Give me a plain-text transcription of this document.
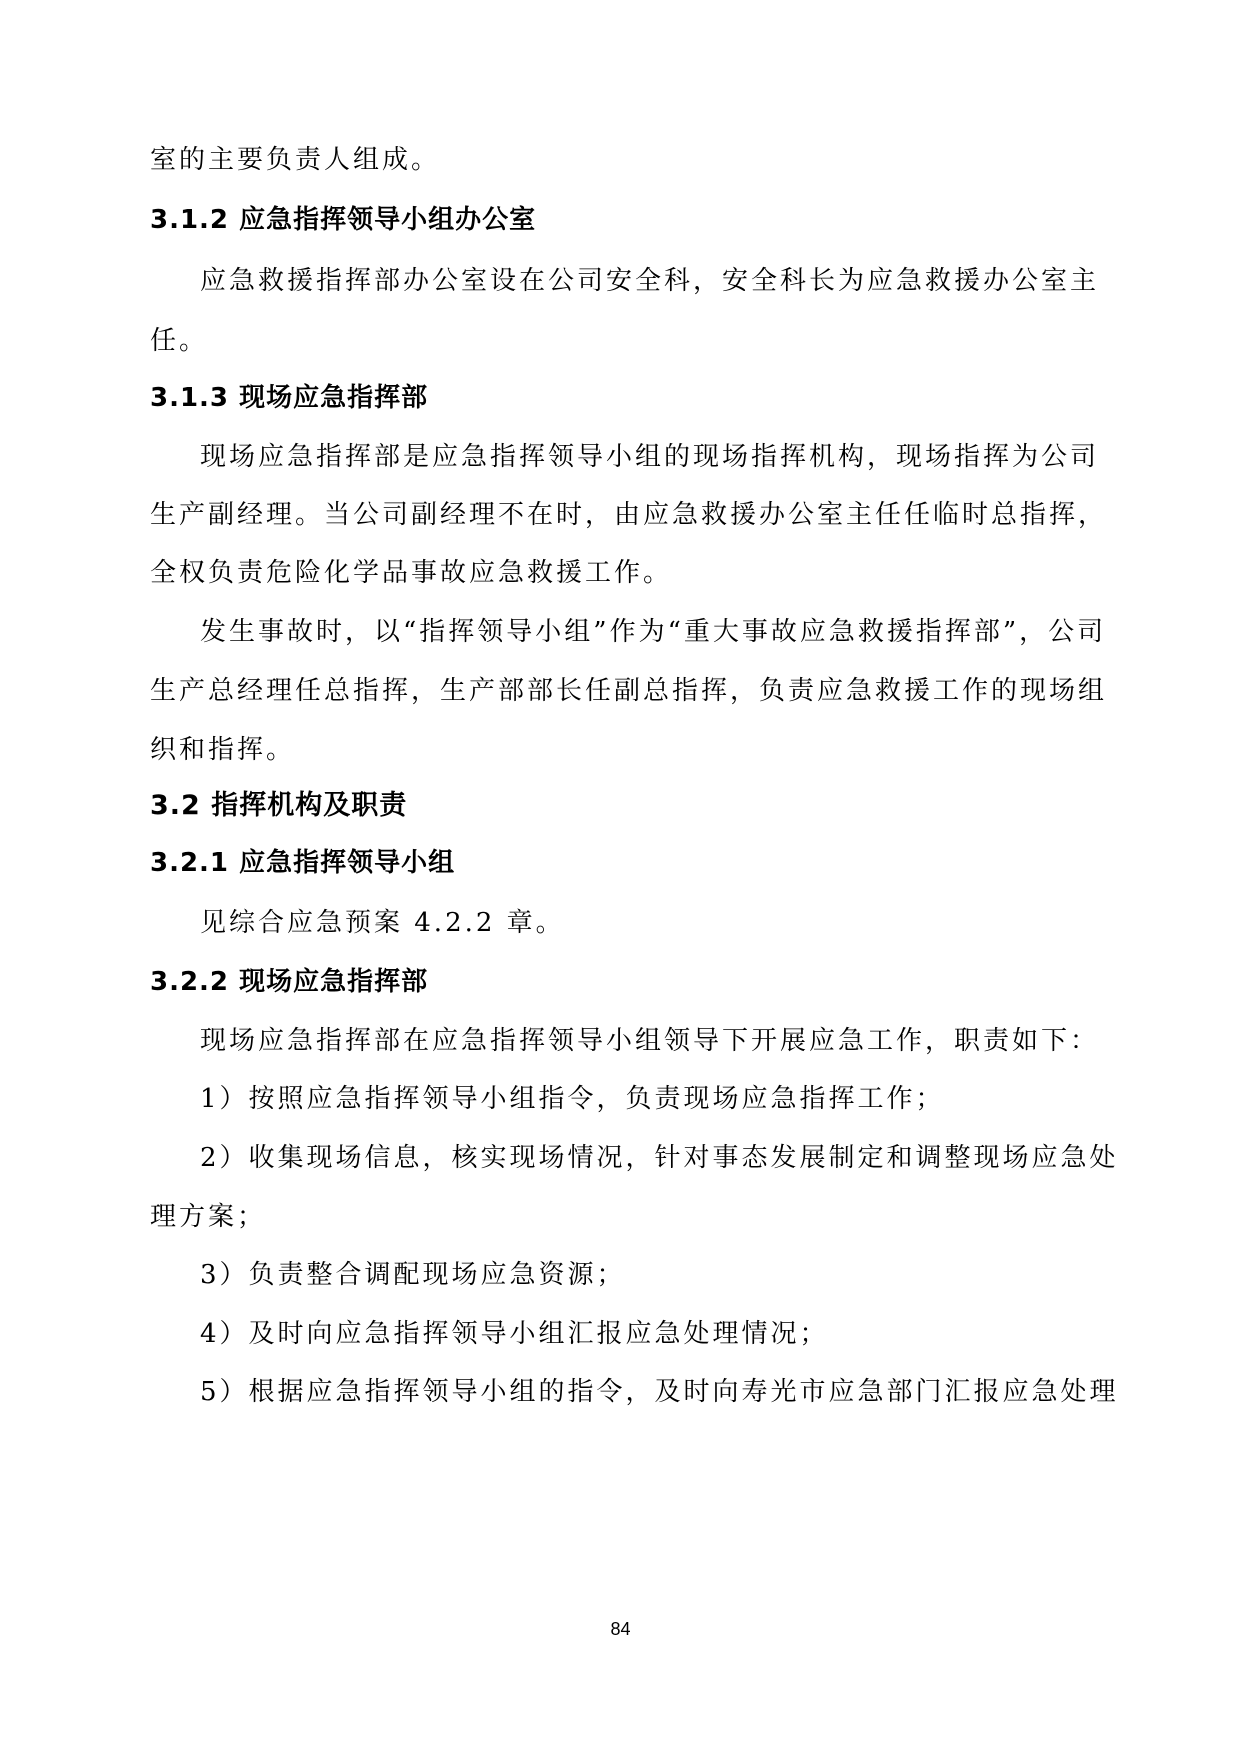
室的主要负责人组成。

3.1.2 应急指挥领导小组办公室

应急救援指挥部办公室设在公司安全科，安全科长为应急救援办公室主

任。

3.1.3 现场应急指挥部

现场应急指挥部是应急指挥领导小组的现场指挥机构，现场指挥为公司

生产副经理。当公司副经理不在时，由应急救援办公室主任任临时总指挥，

全权负责危险化学品事故应急救援工作。

发生事故时，以“指挥领导小组”作为“重大事故应急救援指挥部”，公司

生产总经理任总指挥，生产部部长任副总指挥，负责应急救援工作的现场组

织和指挥。

3.2 指挥机构及职责
3.2.1 应急指挥领导小组

见综合应急预案 4.2.2 章。

3.2.2 现场应急指挥部

现场应急指挥部在应急指挥领导小组领导下开展应急工作，职责如下：

1）按照应急指挥领导小组指令，负责现场应急指挥工作；

2）收集现场信息，核实现场情况，针对事态发展制定和调整现场应急处

理方案；

3）负责整合调配现场应急资源；

4）及时向应急指挥领导小组汇报应急处理情况；

5）根据应急指挥领导小组的指令，及时向寿光市应急部门汇报应急处理

84
